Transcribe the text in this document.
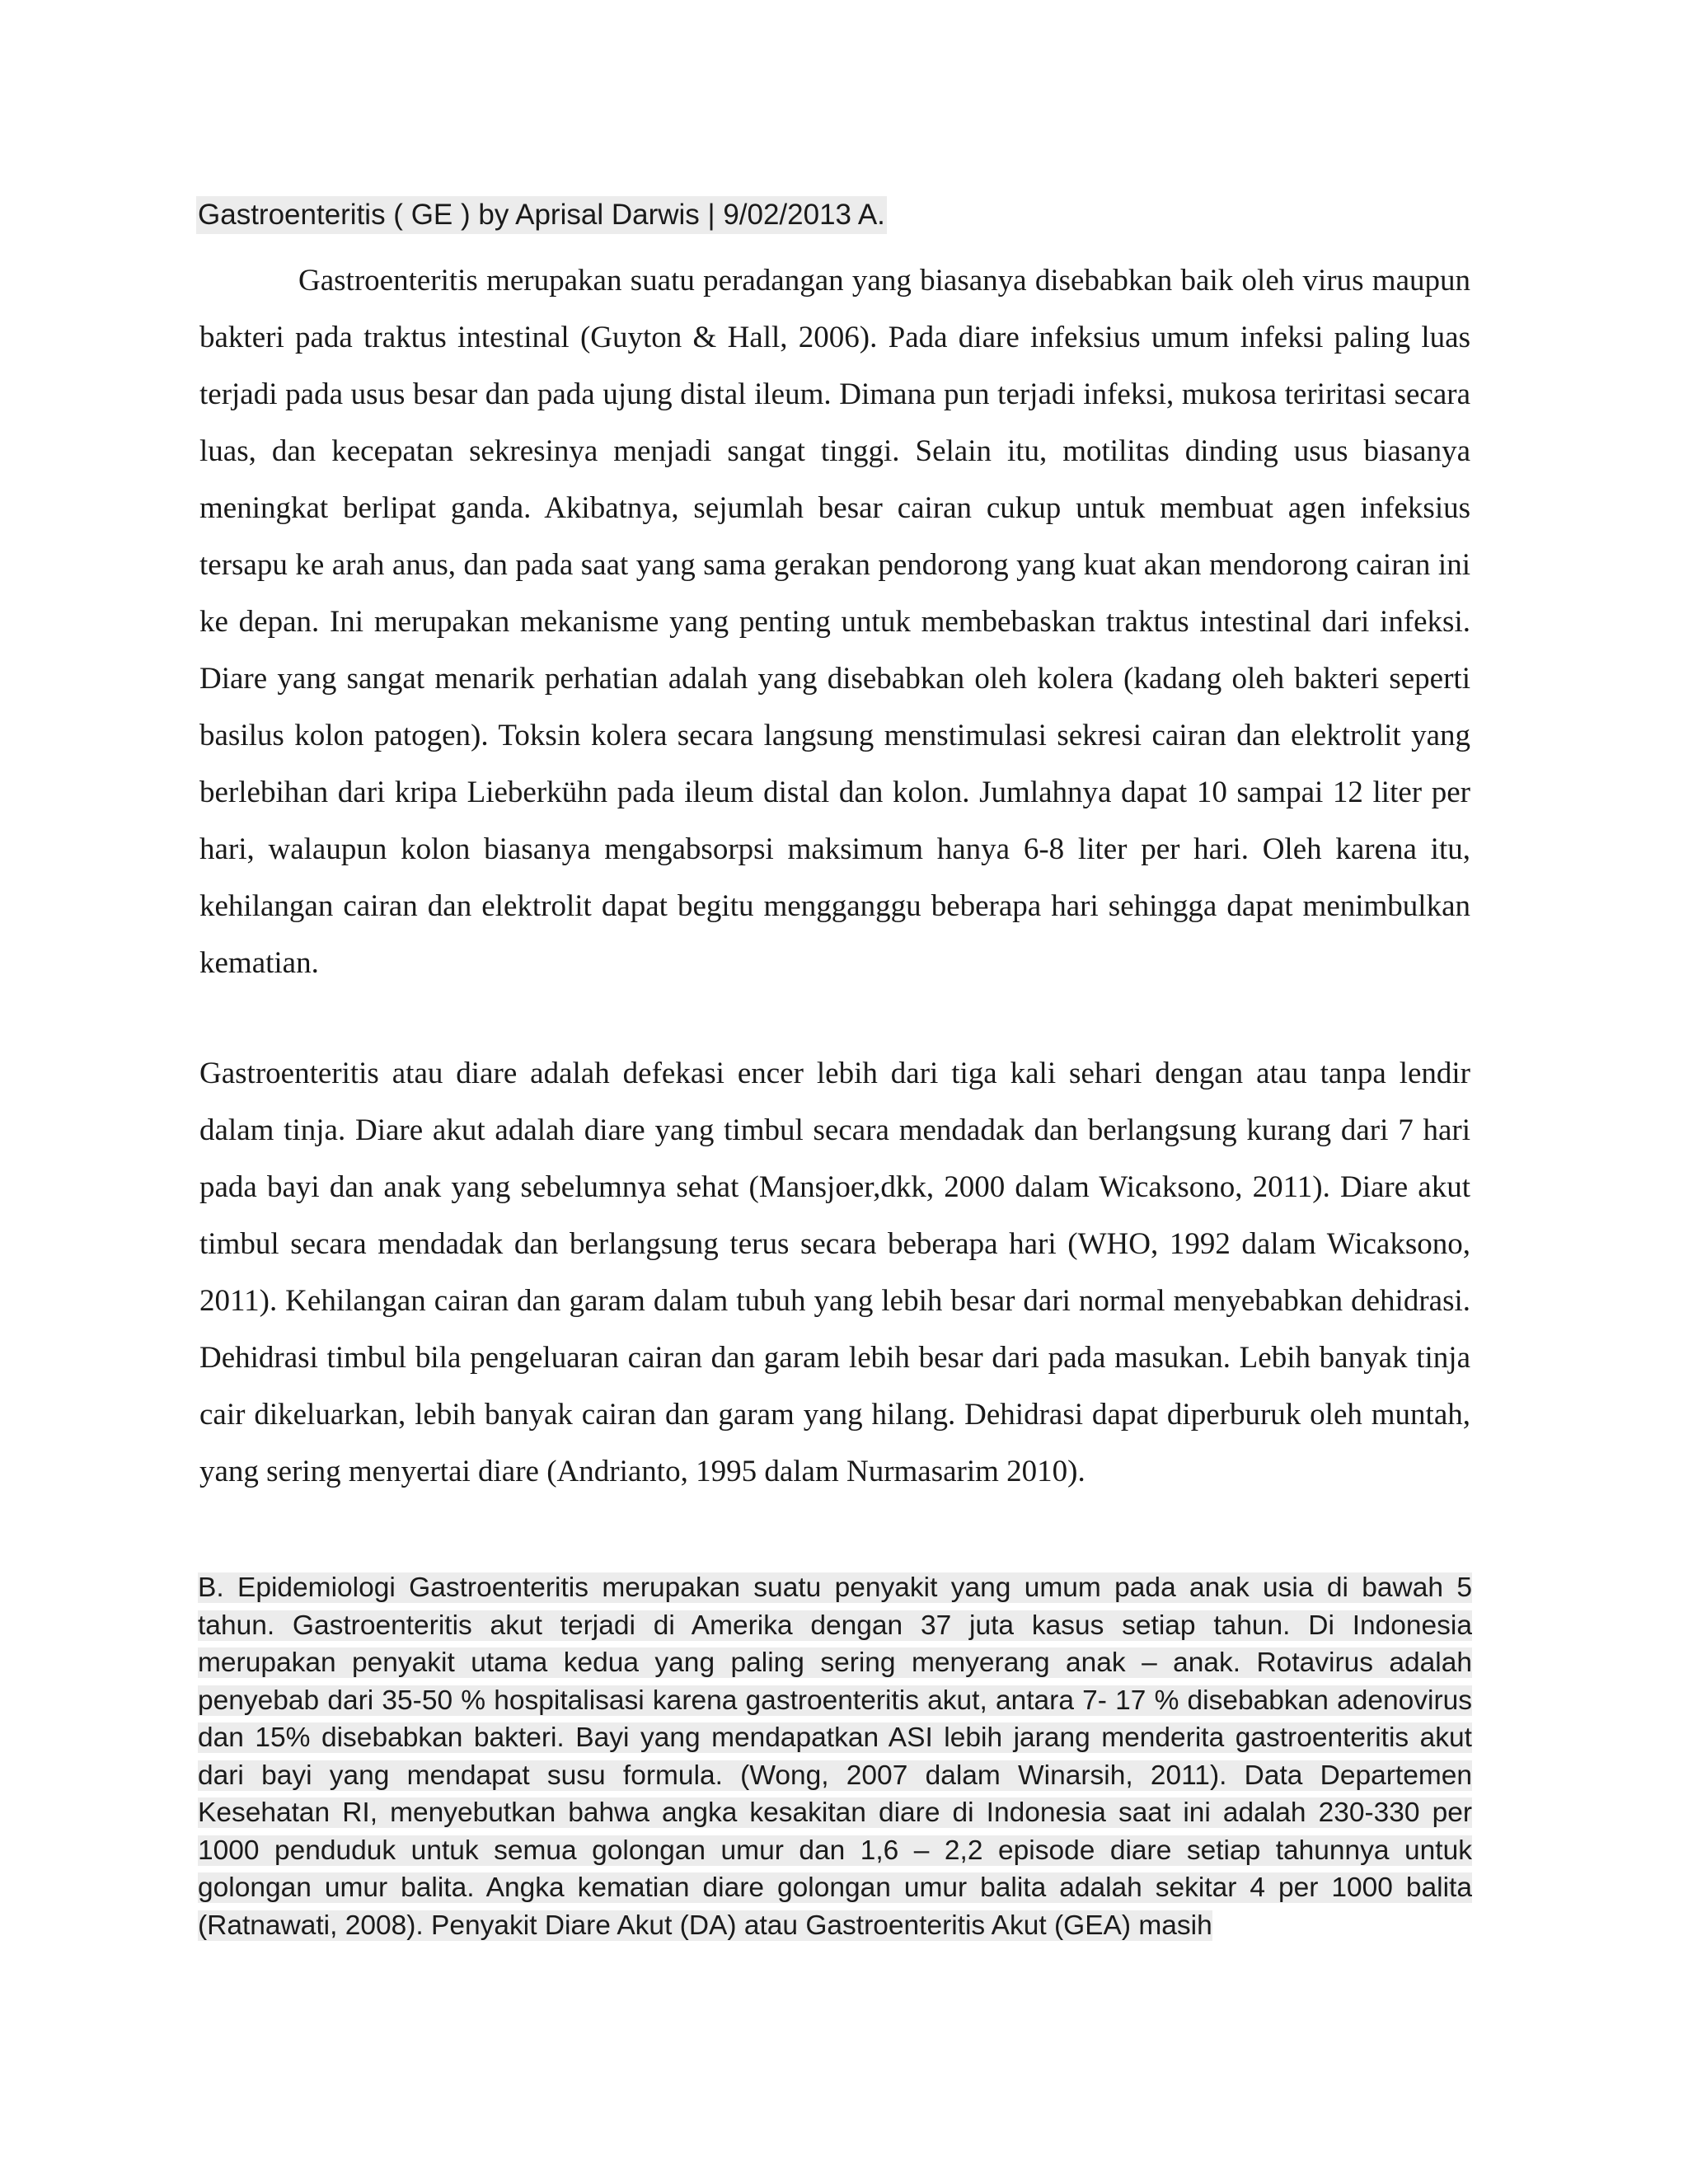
Gastroenteritis ( GE ) by Aprisal Darwis | 9/02/2013 A.

Gastroenteritis merupakan suatu peradangan yang biasanya disebabkan baik oleh virus maupun bakteri pada traktus intestinal (Guyton & Hall, 2006). Pada diare infeksius umum infeksi paling luas terjadi pada usus besar dan pada ujung distal ileum. Dimana pun terjadi infeksi, mukosa teriritasi secara luas, dan kecepatan sekresinya menjadi sangat tinggi. Selain itu, motilitas dinding usus biasanya meningkat berlipat ganda. Akibatnya, sejumlah besar cairan cukup untuk membuat agen infeksius tersapu ke arah anus, dan pada saat yang sama gerakan pendorong yang kuat akan mendorong cairan ini ke depan. Ini merupakan mekanisme yang penting untuk membebaskan traktus intestinal dari infeksi. Diare yang sangat menarik perhatian adalah yang disebabkan oleh kolera (kadang oleh bakteri seperti basilus kolon patogen). Toksin kolera secara langsung menstimulasi sekresi cairan dan elektrolit yang berlebihan dari kripa Lieberkühn pada ileum distal dan kolon. Jumlahnya dapat 10 sampai 12 liter per hari, walaupun kolon biasanya mengabsorpsi maksimum hanya 6-8 liter per hari. Oleh karena itu, kehilangan cairan dan elektrolit dapat begitu mengganggu beberapa hari sehingga dapat menimbulkan kematian.

Gastroenteritis atau diare adalah defekasi encer lebih dari tiga kali sehari dengan atau tanpa lendir dalam tinja. Diare akut adalah diare yang timbul secara mendadak dan berlangsung kurang dari 7 hari pada bayi dan anak yang sebelumnya sehat (Mansjoer,dkk, 2000 dalam Wicaksono, 2011). Diare akut timbul secara mendadak dan berlangsung terus secara beberapa hari (WHO, 1992 dalam Wicaksono, 2011). Kehilangan cairan dan garam dalam tubuh yang lebih besar dari normal menyebabkan dehidrasi. Dehidrasi timbul bila pengeluaran cairan dan garam lebih besar dari pada masukan. Lebih banyak tinja cair dikeluarkan, lebih banyak cairan dan garam yang hilang. Dehidrasi dapat diperburuk oleh muntah, yang sering menyertai diare (Andrianto, 1995 dalam Nurmasarim 2010).

B. Epidemiologi Gastroenteritis merupakan suatu penyakit yang umum pada anak usia di bawah 5 tahun. Gastroenteritis akut terjadi di Amerika dengan 37 juta kasus setiap tahun. Di Indonesia merupakan penyakit utama kedua yang paling sering menyerang anak – anak. Rotavirus adalah penyebab dari 35-50 % hospitalisasi karena gastroenteritis akut, antara 7- 17 % disebabkan adenovirus dan 15% disebabkan bakteri. Bayi yang mendapatkan ASI lebih jarang menderita gastroenteritis akut dari bayi yang mendapat susu formula. (Wong, 2007 dalam Winarsih, 2011). Data Departemen Kesehatan RI, menyebutkan bahwa angka kesakitan diare di Indonesia saat ini adalah 230-330 per 1000 penduduk untuk semua golongan umur dan 1,6 – 2,2 episode diare setiap tahunnya untuk golongan umur balita. Angka kematian diare golongan umur balita adalah sekitar 4 per 1000 balita (Ratnawati, 2008). Penyakit Diare Akut (DA) atau Gastroenteritis Akut (GEA) masih
